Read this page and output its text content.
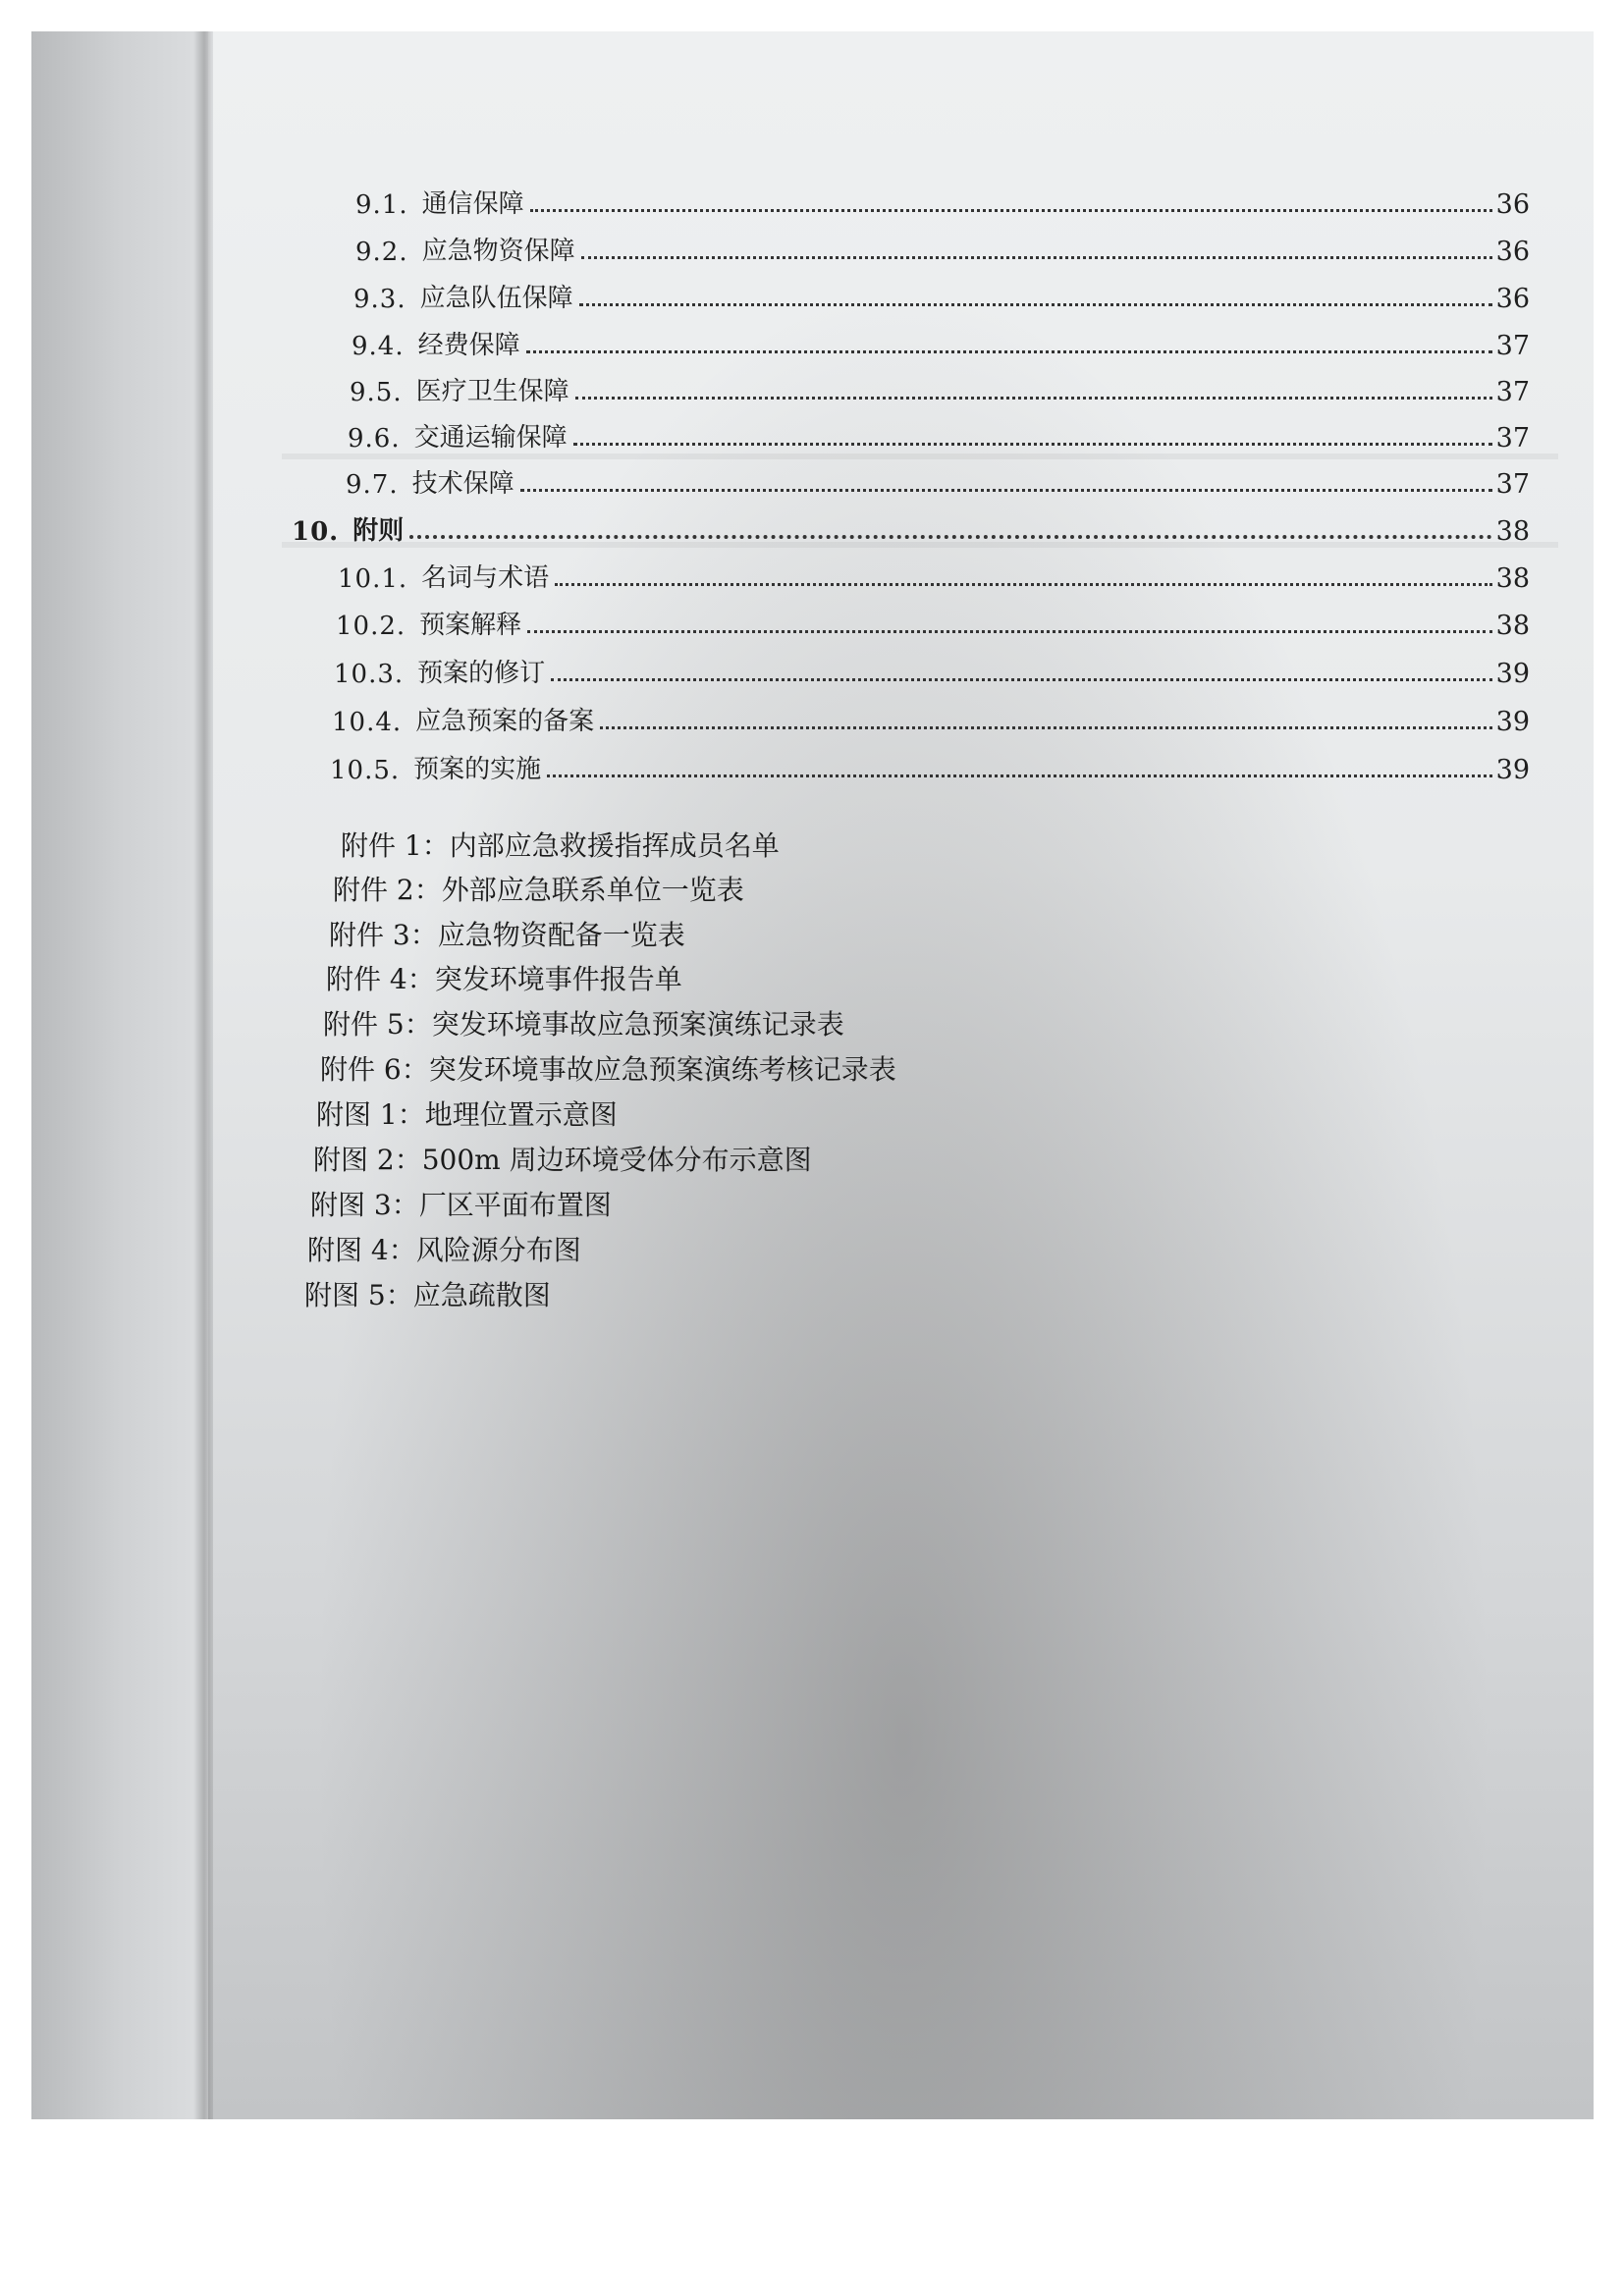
9.1. 通信保障	36
9.2. 应急物资保障	36
9.3. 应急队伍保障	36
9.4. 经费保障	37
9.5. 医疗卫生保障	37
9.6. 交通运输保障	37
9.7. 技术保障	37
10. 附则	38
10.1. 名词与术语	38
10.2. 预案解释	38
10.3. 预案的修订	39
10.4. 应急预案的备案	39
10.5. 预案的实施	39
附件 1：内部应急救援指挥成员名单
附件 2：外部应急联系单位一览表
附件 3：应急物资配备一览表
附件 4：突发环境事件报告单
附件 5：突发环境事故应急预案演练记录表
附件 6：突发环境事故应急预案演练考核记录表
附图 1：地理位置示意图
附图 2：500m 周边环境受体分布示意图
附图 3：厂区平面布置图
附图 4：风险源分布图
附图 5：应急疏散图
